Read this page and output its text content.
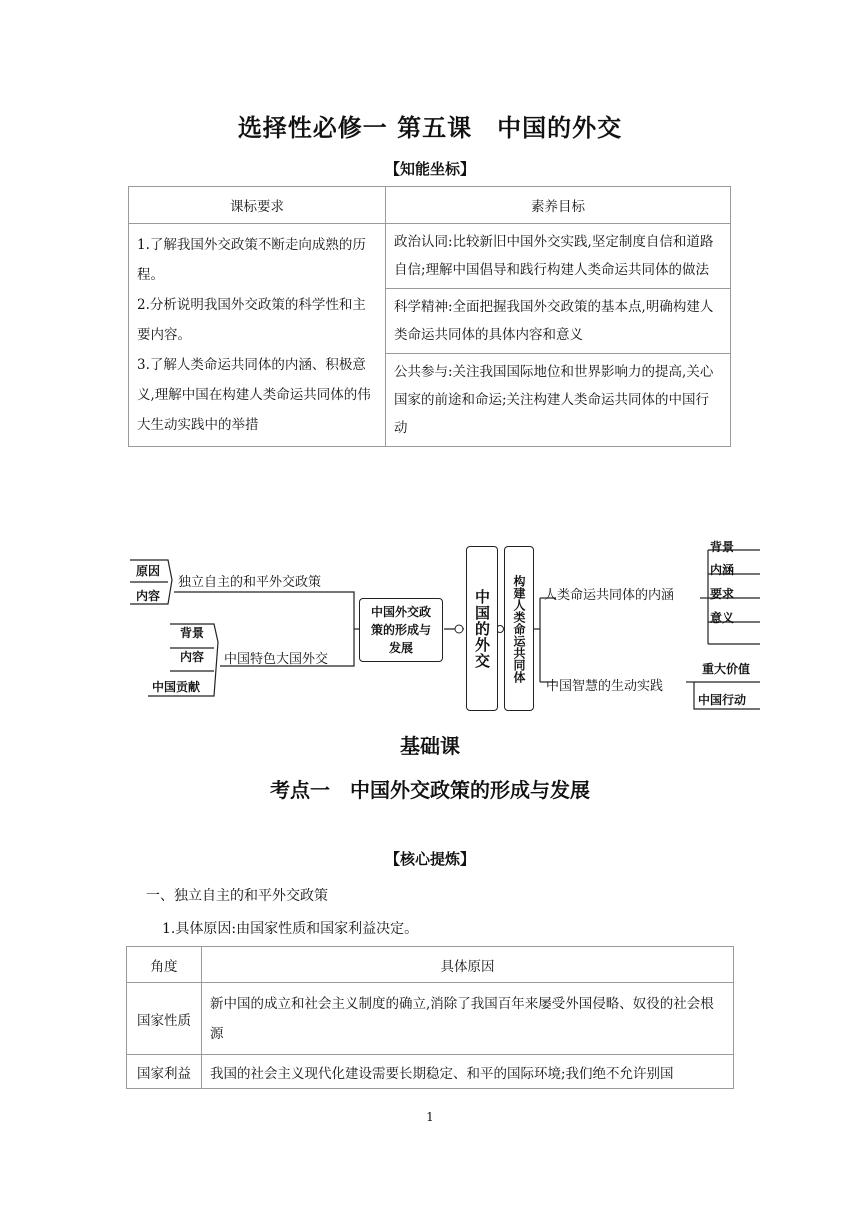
选择性必修一 第五课　中国的外交
【知能坐标】
课标要求	素养目标

1.了解我国外交政策不断走向成熟的历程。
2.分析说明我国外交政策的科学性和主要内容。
3.了解人类命运共同体的内涵、积极意义,理解中国在构建人类命运共同体的伟大生动实践中的举措	政治认同:比较新旧中国外交实践,坚定制度自信和道路自信;理解中国倡导和践行构建人类命运共同体的做法
	科学精神:全面把握我国外交政策的基本点,明确构建人类命运共同体的具体内容和意义
	公共参与:关注我国国际地位和世界影响力的提高,关心国家的前途和命运;关注构建人类命运共同体的中国行动
原因
内容
独立自主的和平外交政策
背景
内容
中国贡献
中国特色大国外交
中国外交政策的形成与发展	中国的外交	构建人类命运共同体	人类命运共同体的内涵
背景
内涵
要求
意义
中国智慧的生动实践
重大价值
中国行动
基础课
考点一　中国外交政策的形成与发展
【核心提炼】
一、独立自主的和平外交政策
1.具体原因:由国家性质和国家利益决定。
角度	具体原因
国家性质	新中国的成立和社会主义制度的确立,消除了我国百年来屡受外国侵略、奴役的社会根源
国家利益	我国的社会主义现代化建设需要长期稳定、和平的国际环境;我们绝不允许别国
1
